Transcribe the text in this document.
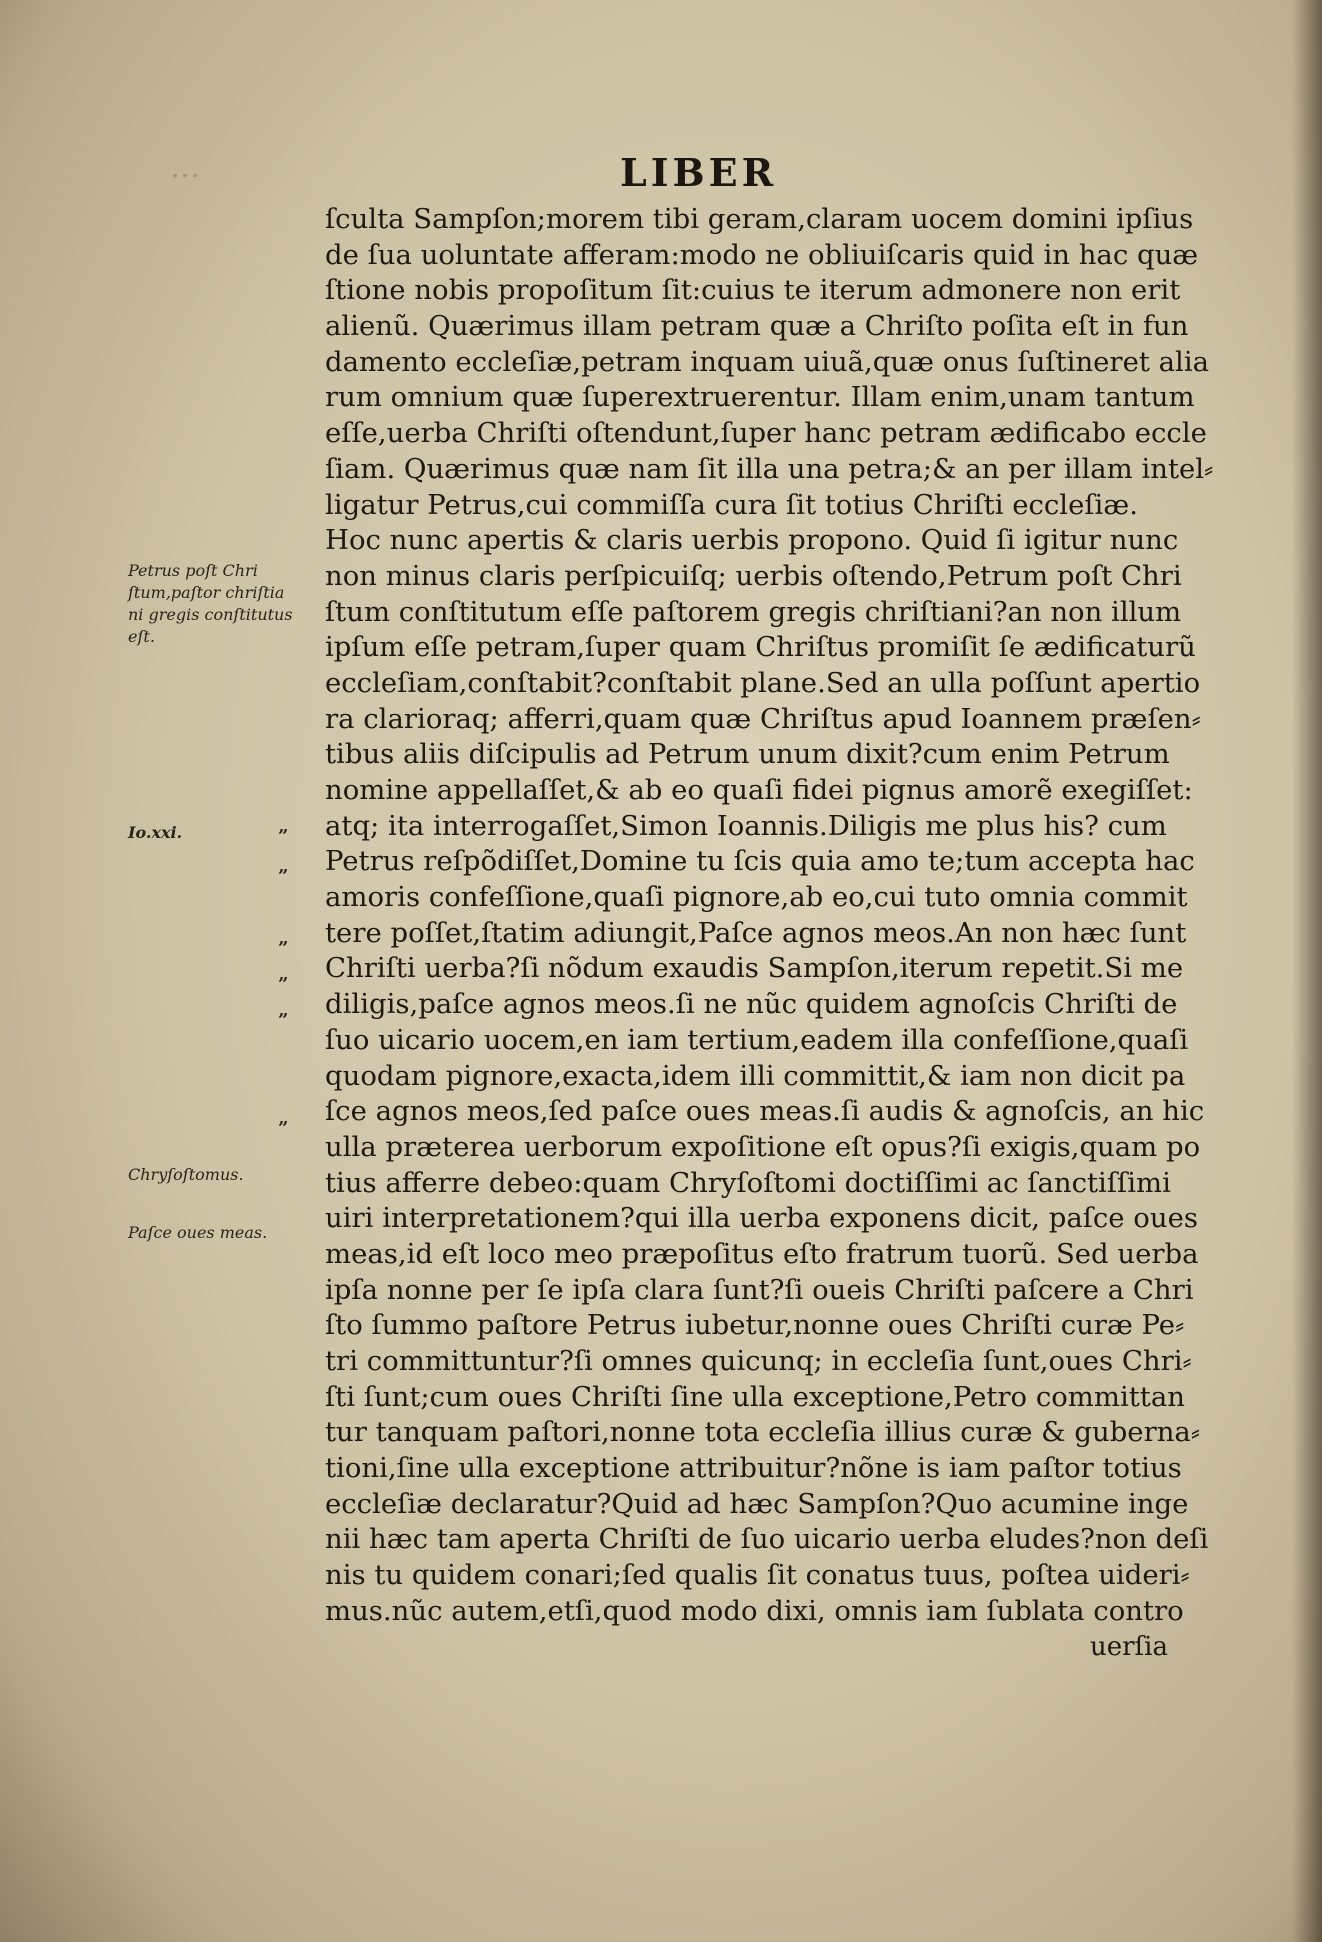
…	LIBER
ſculta Sampſon;morem tibi geram,claram uocem domini ipſius
de ſua uoluntate afferam:modo ne obliuiſcaris quid in hac quæ
ſtione nobis propoſitum ſit:cuius te iterum admonere non erit
alienũ. Quærimus illam petram quæ a Chriſto poſita eſt in fun
damento eccleſiæ,petram inquam uiuã,quæ onus ſuſtineret alia
rum omnium quæ ſuperextruerentur. Illam enim,unam tantum
eſſe,uerba Chriſti oſtendunt,ſuper hanc petram ædificabo eccle
ſiam. Quærimus quæ nam ſit illa una petra;& an per illam intel⸗
ligatur Petrus,cui commiſſa cura ſit totius Chriſti eccleſiæ.
Hoc nunc apertis & claris uerbis propono. Quid ſi igitur nunc
non minus claris perſpicuiſq; uerbis oſtendo,Petrum poſt Chri
ſtum conſtitutum eſſe paſtorem gregis chriſtiani?an non illum
ipſum eſſe petram,ſuper quam Chriſtus promiſit ſe ædificaturũ
eccleſiam,conſtabit?conſtabit plane.Sed an ulla poſſunt apertio
ra clarioraq; afferri,quam quæ Chriſtus apud Ioannem præſen⸗
tibus aliis diſcipulis ad Petrum unum dixit?cum enim Petrum
nomine appellaſſet,& ab eo quaſi fidei pignus amorẽ exegiſſet:
atq; ita interrogaſſet,Simon Ioannis.Diligis me plus his? cum
Petrus reſpõdiſſet,Domine tu ſcis quia amo te;tum accepta hac
amoris confeſſione,quaſi pignore,ab eo,cui tuto omnia commit
tere poſſet,ſtatim adiungit,Paſce agnos meos.An non hæc ſunt
Chriſti uerba?ſi nõdum exaudis Sampſon,iterum repetit.Si me
diligis,paſce agnos meos.ſi ne nũc quidem agnoſcis Chriſti de
ſuo uicario uocem,en iam tertium,eadem illa confeſſione,quaſi
quodam pignore,exacta,idem illi committit,& iam non dicit pa
ſce agnos meos,ſed paſce oues meas.ſi audis & agnoſcis, an hic
ulla præterea uerborum expoſitione eſt opus?ſi exigis,quam po
tius afferre debeo:quam Chryſoſtomi doctiſſimi ac ſanctiſſimi
uiri interpretationem?qui illa uerba exponens dicit, paſce oues
meas,id eſt loco meo præpoſitus eſto fratrum tuorũ. Sed uerba
ipſa nonne per ſe ipſa clara ſunt?ſi oueis Chriſti paſcere a Chri
ſto ſummo paſtore Petrus iubetur,nonne oues Chriſti curæ Pe⸗
tri committuntur?ſi omnes quicunq; in eccleſia ſunt,oues Chri⸗
ſti ſunt;cum oues Chriſti ſine ulla exceptione,Petro committan
tur tanquam paſtori,nonne tota eccleſia illius curæ & guberna⸗
tioni,ſine ulla exceptione attribuitur?nõne is iam paſtor totius
eccleſiæ declaratur?Quid ad hæc Sampſon?Quo acumine inge
nii hæc tam aperta Chriſti de ſuo uicario uerba eludes?non deſi
nis tu quidem conari;ſed qualis ſit conatus tuus, poſtea uideri⸗
mus.nũc autem,etſi,quod modo dixi, omnis iam ſublata contro
uerſia
Petrus poſt Chri
ſtum,paſtor chriſtia
ni gregis conſtitutus
eſt.
Io.xxi.
Chryſoſtomus.
Paſce oues meas.
”
”
”
”
”
”
